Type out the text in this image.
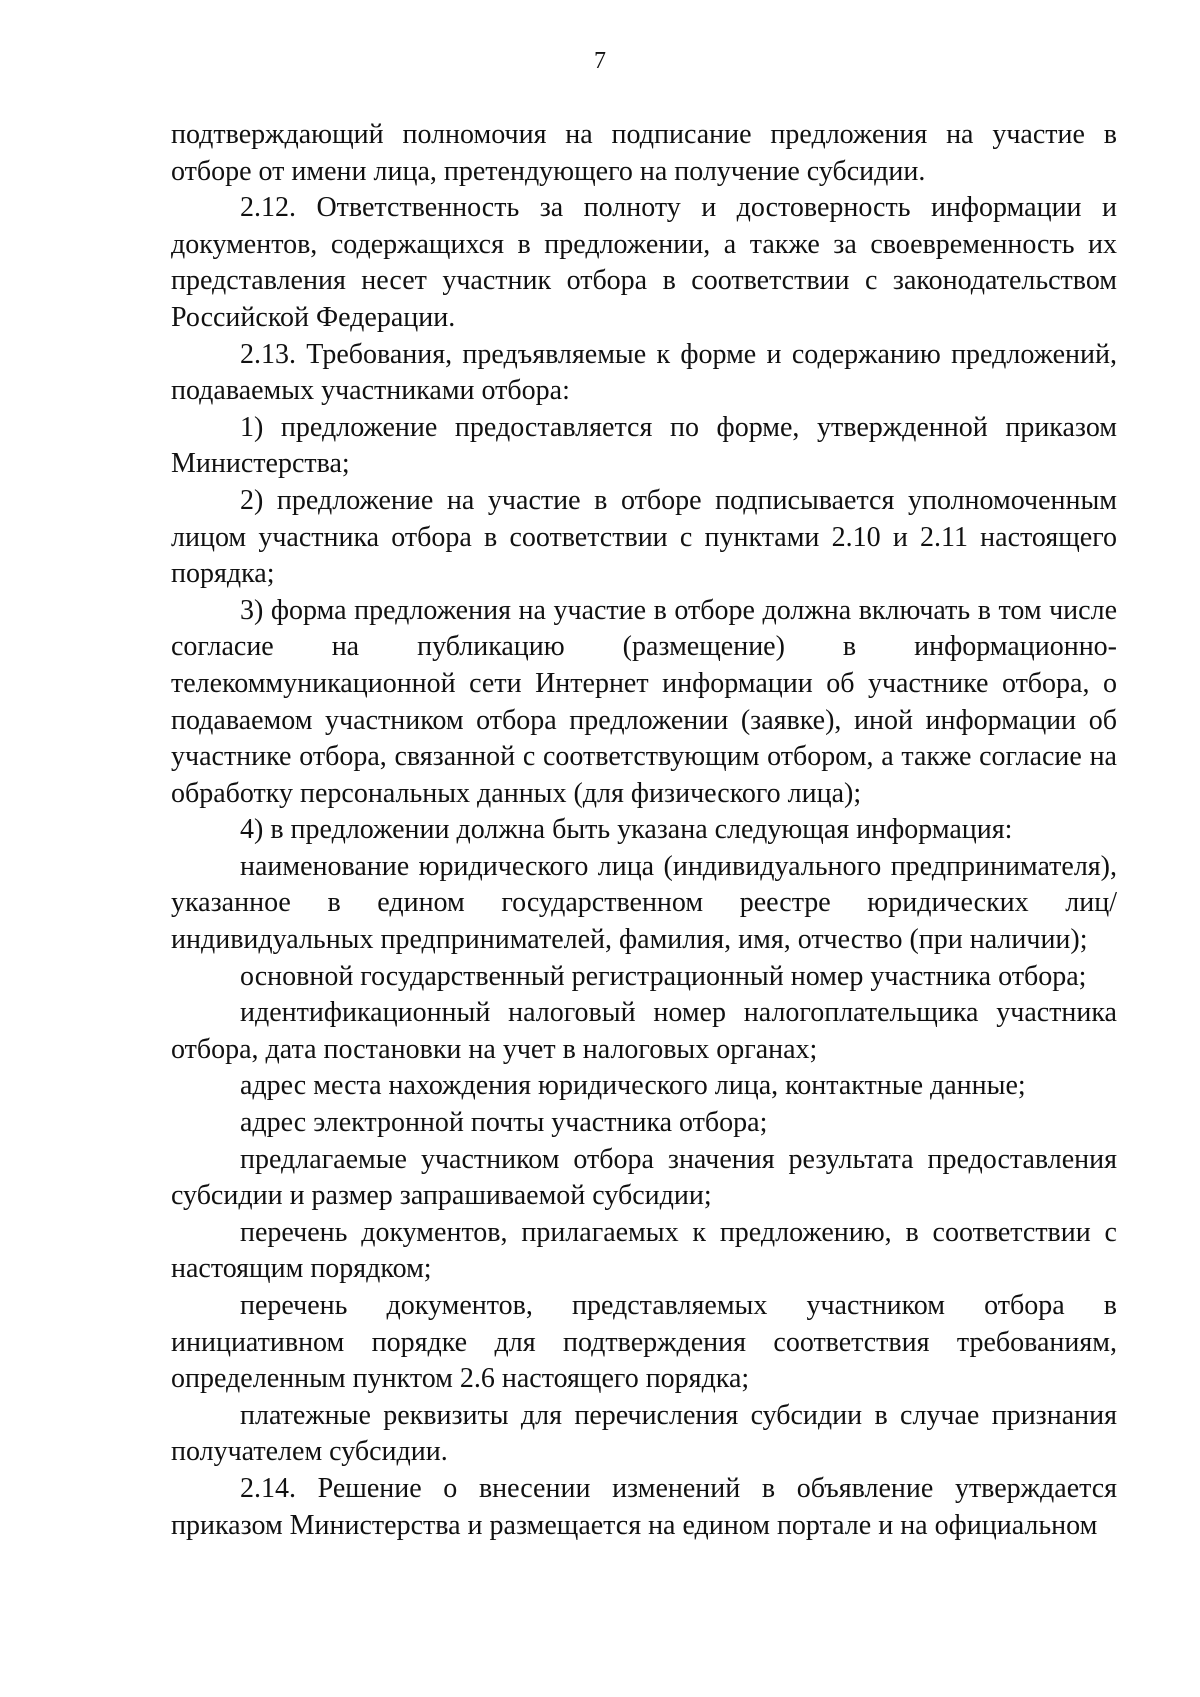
7

подтверждающий полномочия на подписание предложения на участие в отборе от имени лица, претендующего на получение субсидии.

2.12. Ответственность за полноту и достоверность информации и документов, содержащихся в предложении, а также за своевременность их представления несет участник отбора в соответствии с законодательством Российской Федерации.

2.13. Требования, предъявляемые к форме и содержанию предложений, подаваемых участниками отбора:

1) предложение предоставляется по форме, утвержденной приказом Министерства;

2) предложение на участие в отборе подписывается уполномоченным лицом участника отбора в соответствии с пунктами 2.10 и 2.11 настоящего порядка;

3) форма предложения на участие в отборе должна включать в том числе согласие на публикацию (размещение) в информационно-телекоммуникационной сети Интернет информации об участнике отбора, о подаваемом участником отбора предложении (заявке), иной информации об участнике отбора, связанной с соответствующим отбором, а также согласие на обработку персональных данных (для физического лица);

4) в предложении должна быть указана следующая информация:

наименование юридического лица (индивидуального предпринимателя), указанное в едином государственном реестре юридических лиц/индивидуальных предпринимателей, фамилия, имя, отчество (при наличии);

основной государственный регистрационный номер участника отбора;

идентификационный налоговый номер налогоплательщика участника отбора, дата постановки на учет в налоговых органах;

адрес места нахождения юридического лица, контактные данные;

адрес электронной почты участника отбора;

предлагаемые участником отбора значения результата предоставления субсидии и размер запрашиваемой субсидии;

перечень документов, прилагаемых к предложению, в соответствии с настоящим порядком;

перечень документов, представляемых участником отбора в инициативном порядке для подтверждения соответствия требованиям, определенным пунктом 2.6 настоящего порядка;

платежные реквизиты для перечисления субсидии в случае признания получателем субсидии.

2.14. Решение о внесении изменений в объявление утверждается приказом Министерства и размещается на едином портале и на официальном
